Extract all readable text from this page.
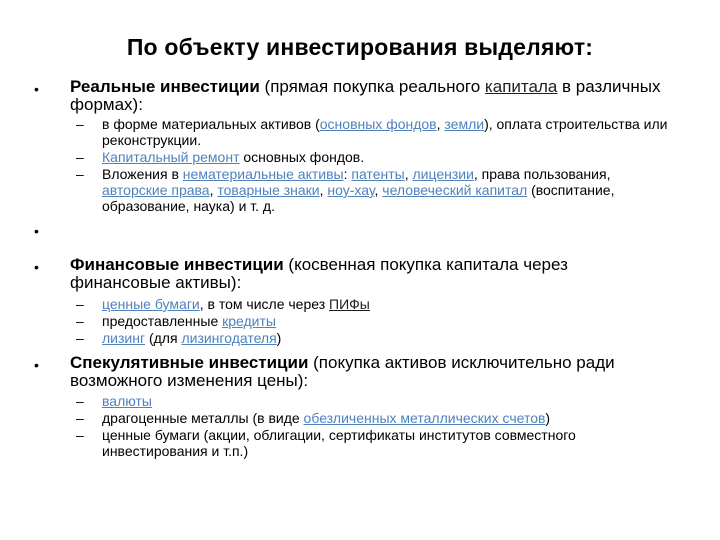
По объекту инвестирования выделяют:
• Реальные инвестиции (прямая покупка реального капитала в различных формах):
– в форме материальных активов (основных фондов, земли), оплата строительства или реконструкции.
– Капитальный ремонт основных фондов.
– Вложения в нематериальные активы: патенты, лицензии, права пользования, авторские права, товарные знаки, ноу-хау, человеческий капитал (воспитание, образование, наука) и т. д.
•
• Финансовые инвестиции (косвенная покупка капитала через финансовые активы):
– ценные бумаги, в том числе через ПИФы
– предоставленные кредиты
– лизинг (для лизингодателя)
• Спекулятивные инвестиции (покупка активов исключительно ради возможного изменения цены):
– валюты
– драгоценные металлы (в виде обезличенных металлических счетов)
– ценные бумаги (акции, облигации, сертификаты институтов совместного инвестирования и т.п.)
